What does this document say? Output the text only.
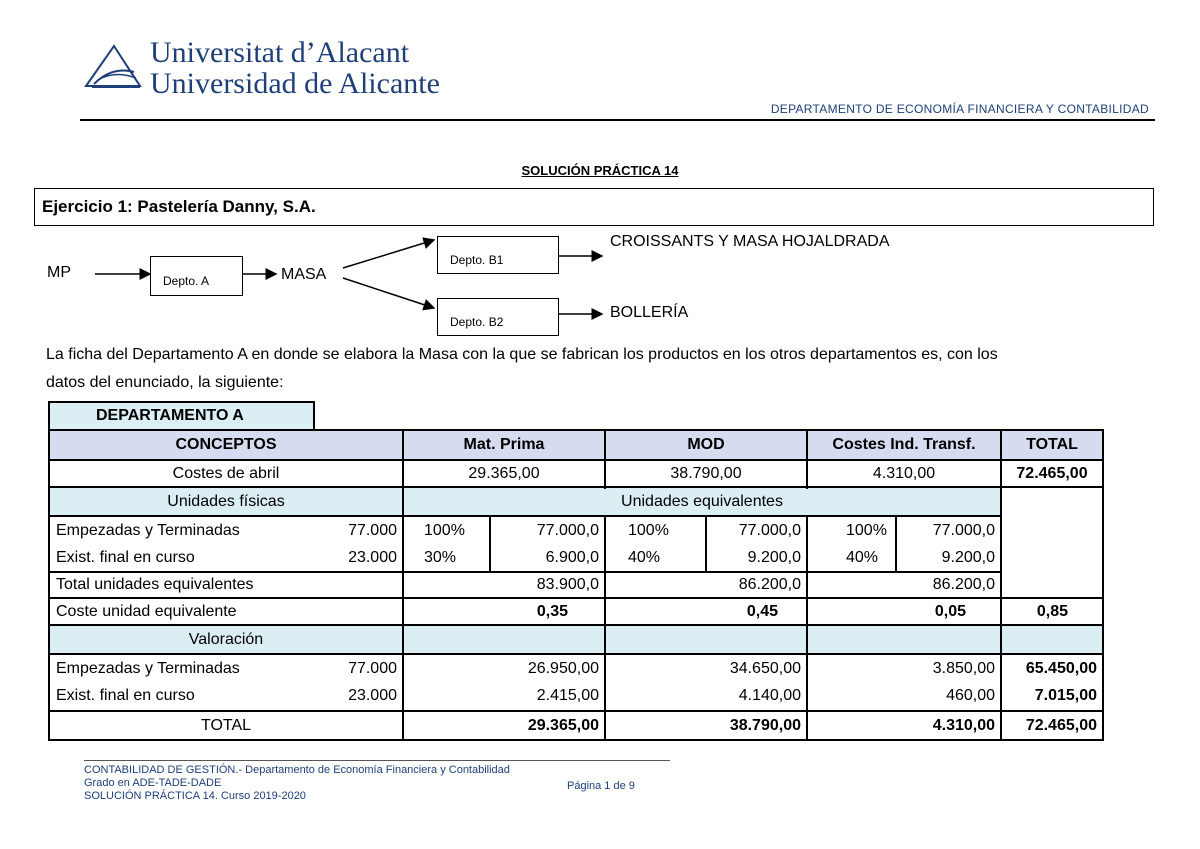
Universitat d’Alacant
Universidad de Alicante
DEPARTAMENTO DE ECONOMÍA FINANCIERA Y CONTABILIDAD
SOLUCIÓN PRÁCTICA 14
Ejercicio 1: Pastelería Danny, S.A.
MP	Depto. A	MASA
Depto. B1
Depto. B2
CROISSANTS Y MASA HOJALDRADA
BOLLERÍA
La ficha del Departamento A en donde se elabora la Masa con la que se fabrican los productos en los otros departamentos es, con los
datos del enunciado, la siguiente:
DEPARTAMENTO A
CONCEPTOS	Mat. Prima	MOD	Costes Ind. Transf.	TOTAL
Costes de abril	29.365,00	38.790,00	4.310,00	72.465,00
Unidades físicas	Unidades equivalentes
Empezadas y Terminadas	77.000	100%	77.000,0	100%	77.000,0	100%	77.000,0
Exist. final en curso	23.000	30%	6.900,0	40%	9.200,0	40%	9.200,0
Total unidades equivalentes	83.900,0	86.200,0	86.200,0
Coste unidad equivalente	0,35	0,45	0,05	0,85
Valoración
Empezadas y Terminadas	77.000	26.950,00	34.650,00	3.850,00	65.450,00
Exist. final en curso	23.000	2.415,00	4.140,00	460,00	7.015,00
TOTAL	29.365,00	38.790,00	4.310,00	72.465,00
CONTABILIDAD DE GESTIÓN.- Departamento de Economía Financiera y Contabilidad
Grado en ADE-TADE-DADE
SOLUCIÓN PRÁCTICA 14. Curso 2019-2020
Página 1 de 9
